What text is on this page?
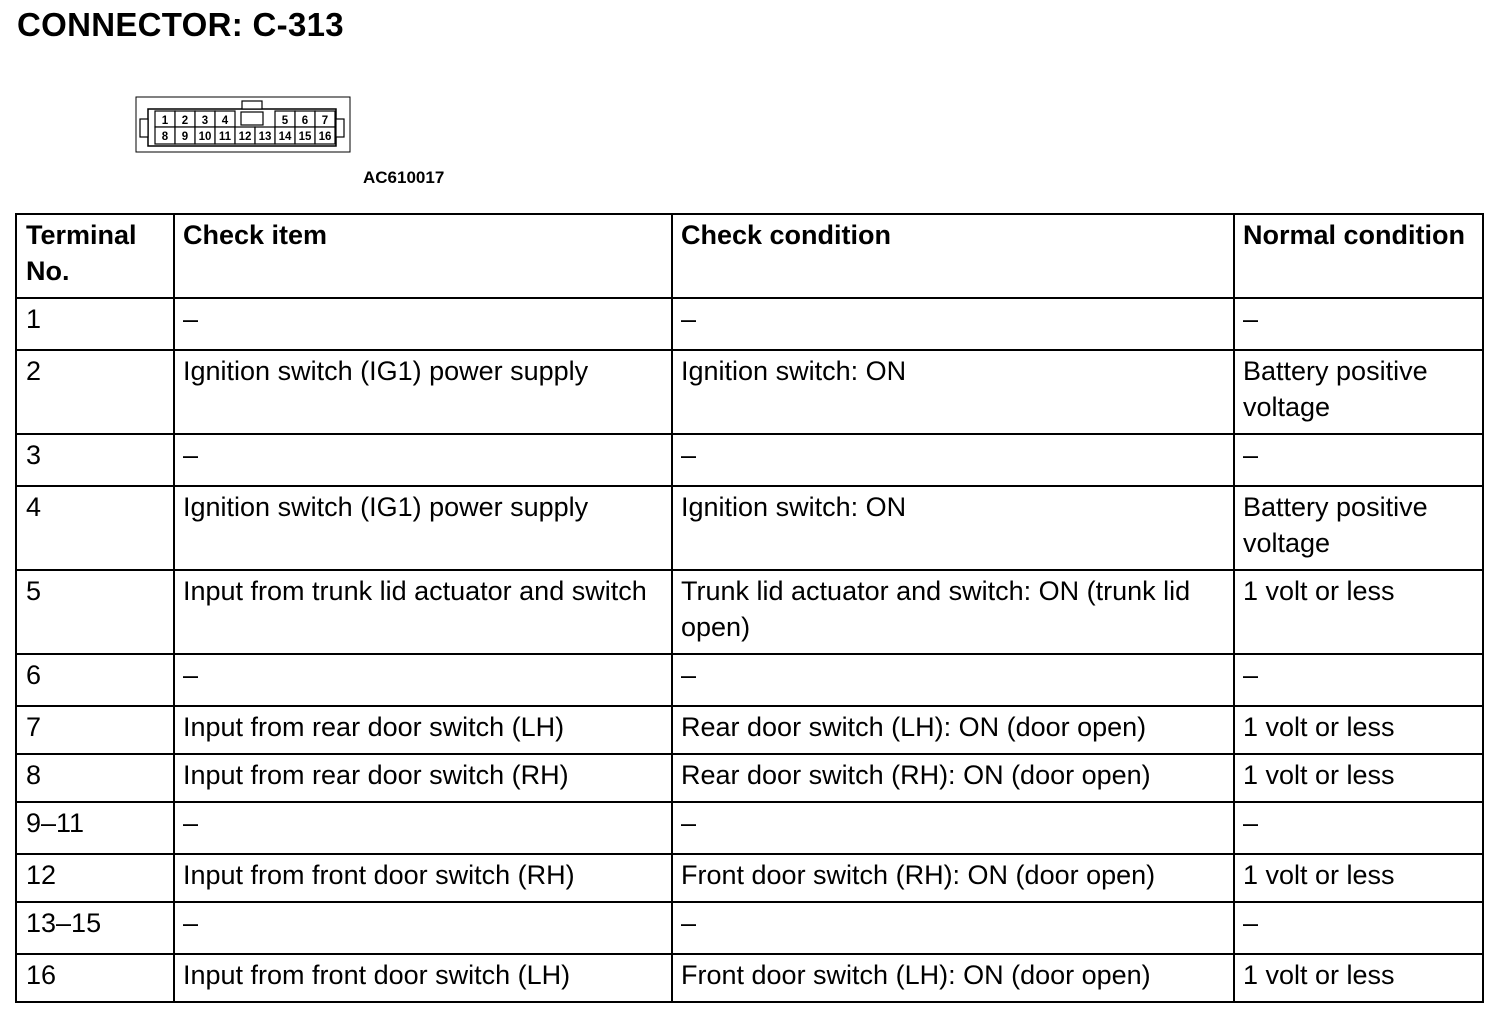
CONNECTOR: C-313
1 2 3 4	5 6 7
8 9 10 11 12 13 14 15 16
AC610017
Terminal No.	Check item	Check condition	Normal condition
1	–	–	–
2	Ignition switch (IG1) power supply	Ignition switch: ON	Battery positive voltage
3	–	–	–
4	Ignition switch (IG1) power supply	Ignition switch: ON	Battery positive voltage
5	Input from trunk lid actuator and switch	Trunk lid actuator and switch: ON (trunk lid open)	1 volt or less
6	–	–	–
7	Input from rear door switch (LH)	Rear door switch (LH): ON (door open)	1 volt or less
8	Input from rear door switch (RH)	Rear door switch (RH): ON (door open)	1 volt or less
9–11	–	–	–
12	Input from front door switch (RH)	Front door switch (RH): ON (door open)	1 volt or less
13–15	–	–	–
16	Input from front door switch (LH)	Front door switch (LH): ON (door open)	1 volt or less
